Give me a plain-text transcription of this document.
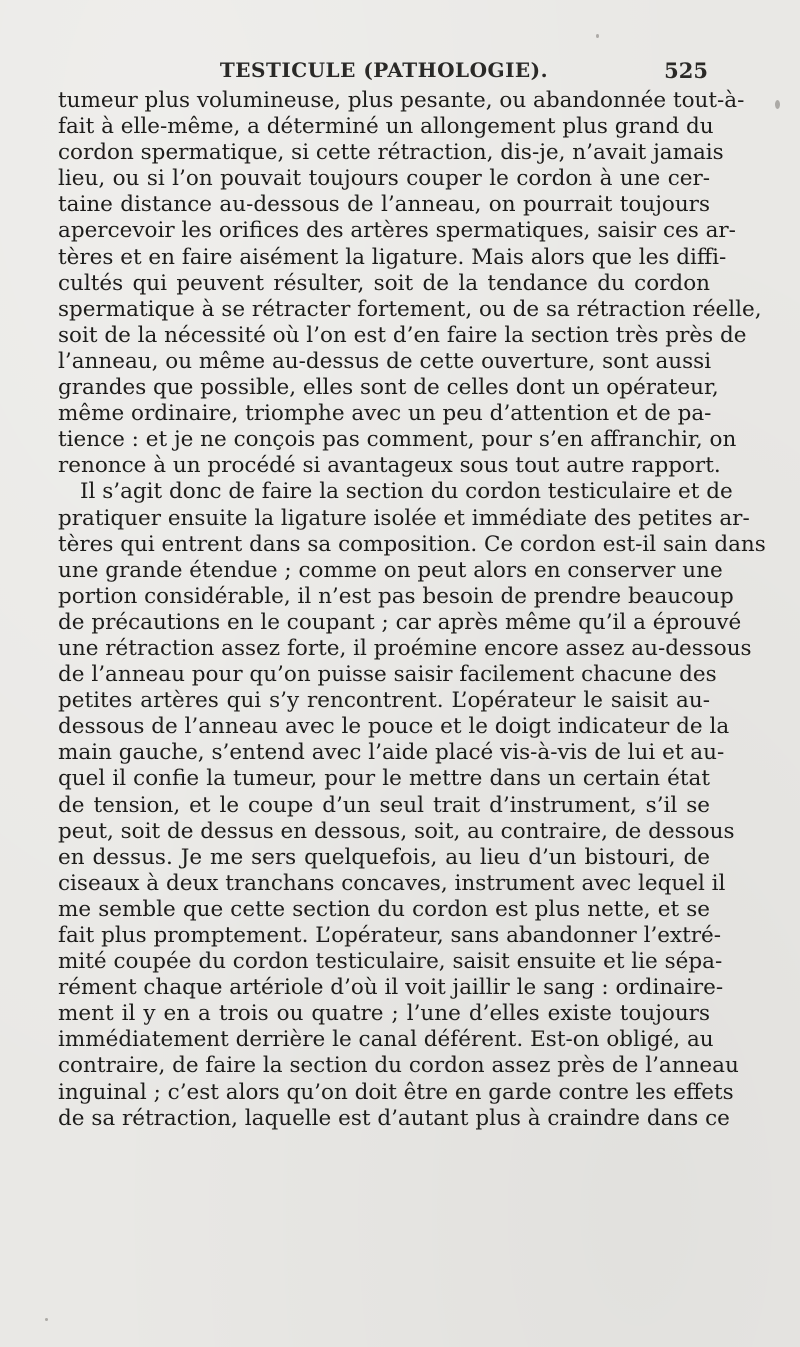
TESTICULE (PATHOLOGIE).	525
tumeur plus volumineuse, plus pesante, ou abandonnée tout-à-
fait à elle-même, a déterminé un allongement plus grand du
cordon spermatique, si cette rétraction, dis-je, n’avait jamais
lieu, ou si l’on pouvait toujours couper le cordon à une cer-
taine distance au-dessous de l’anneau, on pourrait toujours
apercevoir les orifices des artères spermatiques, saisir ces ar-
tères et en faire aisément la ligature. Mais alors que les diffi-
cultés qui peuvent résulter, soit de la tendance du cordon
spermatique à se rétracter fortement, ou de sa rétraction réelle,
soit de la nécessité où l’on est d’en faire la section très près de
l’anneau, ou même au-dessus de cette ouverture, sont aussi
grandes que possible, elles sont de celles dont un opérateur,
même ordinaire, triomphe avec un peu d’attention et de pa-
tience : et je ne conçois pas comment, pour s’en affranchir, on
renonce à un procédé si avantageux sous tout autre rapport.
Il s’agit donc de faire la section du cordon testiculaire et de
pratiquer ensuite la ligature isolée et immédiate des petites ar-
tères qui entrent dans sa composition. Ce cordon est-il sain dans
une grande étendue ; comme on peut alors en conserver une
portion considérable, il n’est pas besoin de prendre beaucoup
de précautions en le coupant ; car après même qu’il a éprouvé
une rétraction assez forte, il proémine encore assez au-dessous
de l’anneau pour qu’on puisse saisir facilement chacune des
petites artères qui s’y rencontrent. L’opérateur le saisit au-
dessous de l’anneau avec le pouce et le doigt indicateur de la
main gauche, s’entend avec l’aide placé vis-à-vis de lui et au-
quel il confie la tumeur, pour le mettre dans un certain état
de tension, et le coupe d’un seul trait d’instrument, s’il se
peut, soit de dessus en dessous, soit, au contraire, de dessous
en dessus. Je me sers quelquefois, au lieu d’un bistouri, de
ciseaux à deux tranchans concaves, instrument avec lequel il
me semble que cette section du cordon est plus nette, et se
fait plus promptement. L’opérateur, sans abandonner l’extré-
mité coupée du cordon testiculaire, saisit ensuite et lie sépa-
rément chaque artériole d’où il voit jaillir le sang : ordinaire-
ment il y en a trois ou quatre ; l’une d’elles existe toujours
immédiatement derrière le canal déférent. Est-on obligé, au
contraire, de faire la section du cordon assez près de l’anneau
inguinal ; c’est alors qu’on doit être en garde contre les effets
de sa rétraction, laquelle est d’autant plus à craindre dans ce
